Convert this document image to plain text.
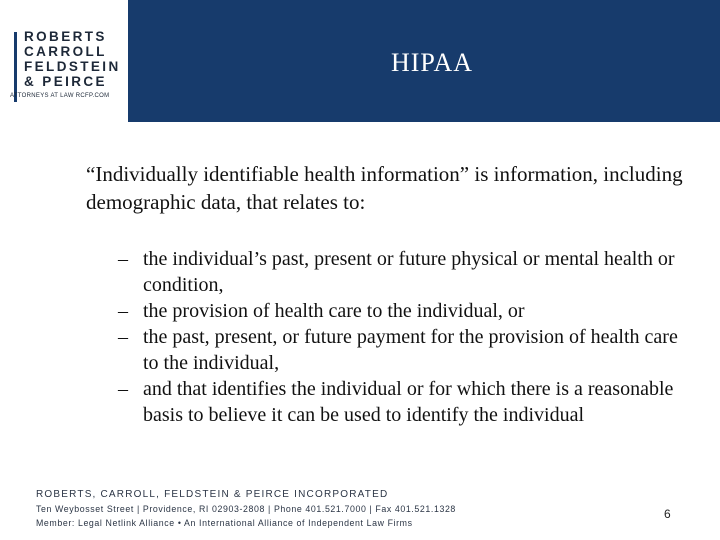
ROBERTS
CARROLL
FELDSTEIN
& PEIRCE
ATTORNEYS AT LAW RCFP.COM
HIPAA
“Individually identifiable health information” is information, including demographic data, that relates to:
– the individual’s past, present or future physical or mental health or condition,
– the provision of health care to the individual, or
– the past, present, or future payment for the provision of health care to the individual,
– and that identifies the individual or for which there is a reasonable basis to believe it can be used to identify the individual
ROBERTS, CARROLL, FELDSTEIN & PEIRCE INCORPORATED
Ten Weybosset Street | Providence, RI 02903-2808 | Phone 401.521.7000 | Fax 401.521.1328
Member: Legal Netlink Alliance • An International Alliance of Independent Law Firms
6
